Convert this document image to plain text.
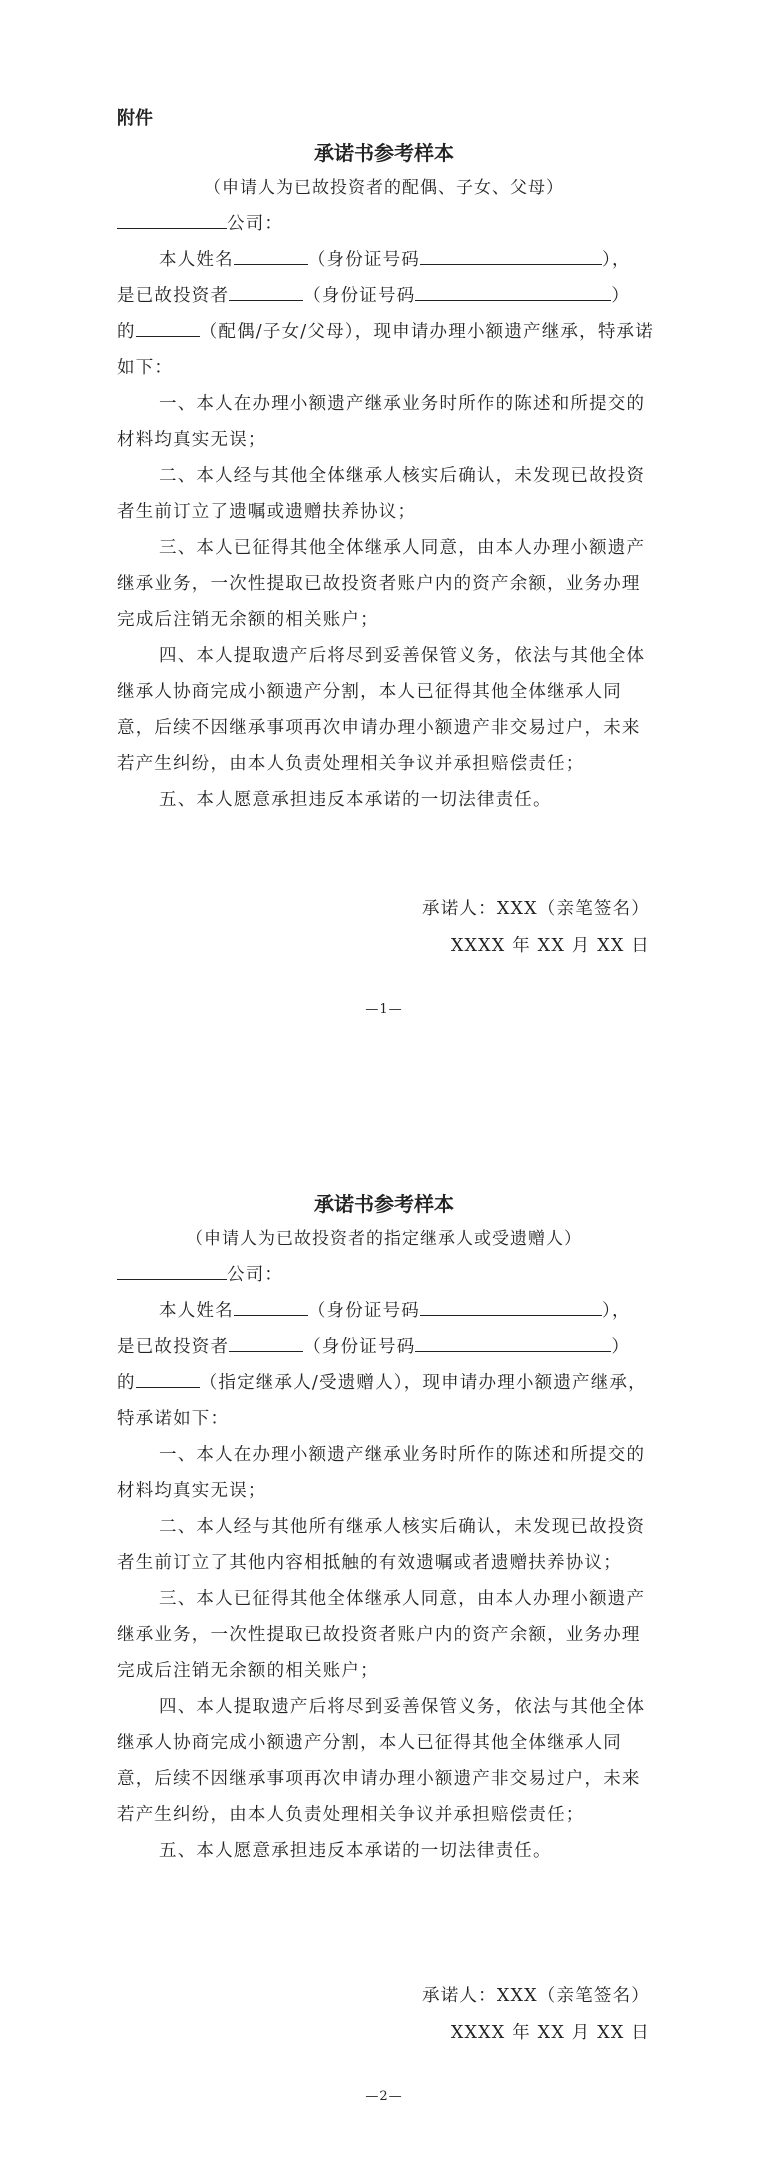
附件
承诺书参考样本
（申请人为已故投资者的配偶、子女、父母）

公司：

本人姓名	（身份证号码	），

是已故投资者	（身份证号码	）

的	（配偶/子女/父母），现申请办理小额遗产继承，特承诺如下：

一、本人在办理小额遗产继承业务时所作的陈述和所提交的材料均真实无误；

二、本人经与其他全体继承人核实后确认，未发现已故投资者生前订立了遗嘱或遗赠扶养协议；

三、本人已征得其他全体继承人同意，由本人办理小额遗产继承业务，一次性提取已故投资者账户内的资产余额，业务办理完成后注销无余额的相关账户；

四、本人提取遗产后将尽到妥善保管义务，依法与其他全体继承人协商完成小额遗产分割，本人已征得其他全体继承人同意，后续不因继承事项再次申请办理小额遗产非交易过户，未来若产生纠纷，由本人负责处理相关争议并承担赔偿责任；

五、本人愿意承担违反本承诺的一切法律责任。

承诺人：XXX（亲笔签名）
XXXX 年 XX 月 XX 日
—1—
承诺书参考样本
（申请人为已故投资者的指定继承人或受遗赠人）

公司：

本人姓名	（身份证号码	），

是已故投资者	（身份证号码	）

的	（指定继承人/受遗赠人），现申请办理小额遗产继承，特承诺如下：

一、本人在办理小额遗产继承业务时所作的陈述和所提交的材料均真实无误；

二、本人经与其他所有继承人核实后确认，未发现已故投资者生前订立了其他内容相抵触的有效遗嘱或者遗赠扶养协议；

三、本人已征得其他全体继承人同意，由本人办理小额遗产继承业务，一次性提取已故投资者账户内的资产余额，业务办理完成后注销无余额的相关账户；

四、本人提取遗产后将尽到妥善保管义务，依法与其他全体继承人协商完成小额遗产分割，本人已征得其他全体继承人同意，后续不因继承事项再次申请办理小额遗产非交易过户，未来若产生纠纷，由本人负责处理相关争议并承担赔偿责任；

五、本人愿意承担违反本承诺的一切法律责任。

承诺人：XXX（亲笔签名）
XXXX 年 XX 月 XX 日
—2—
